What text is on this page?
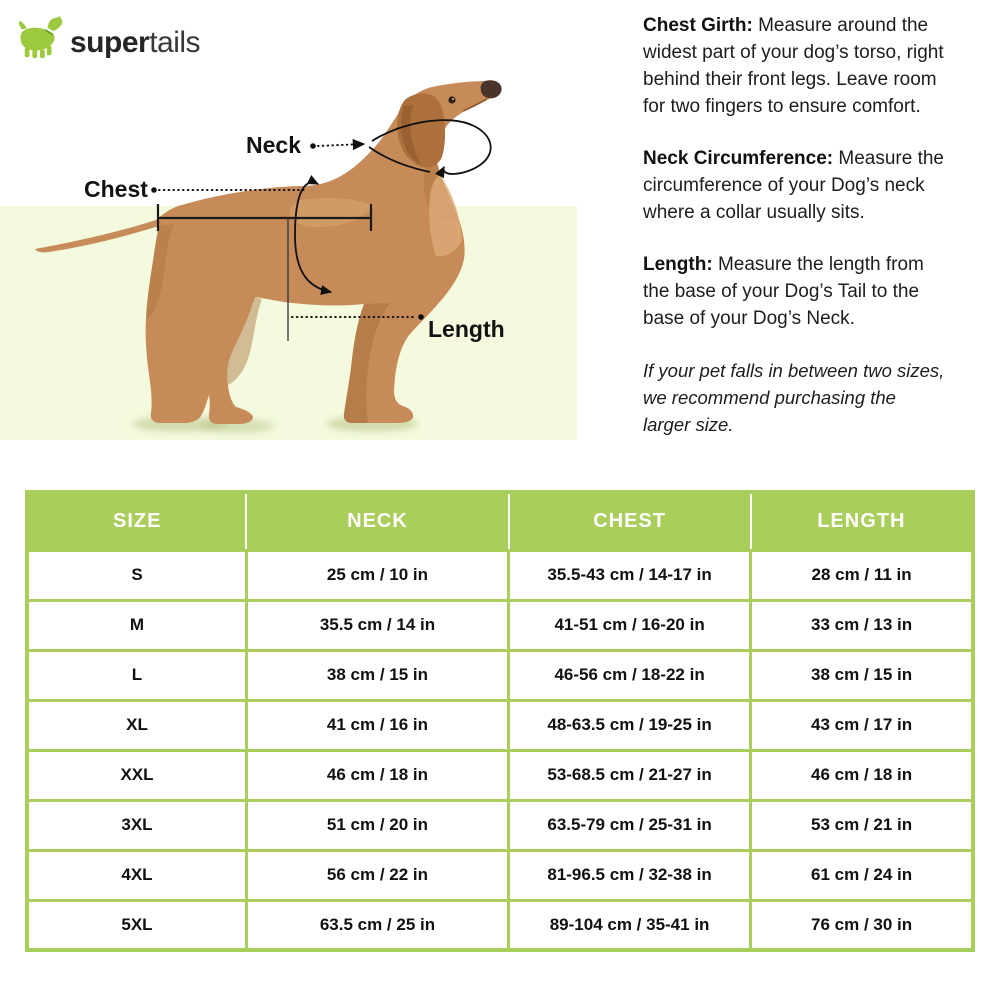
supertails
Neck
Chest
Length

Chest Girth: Measure around the widest part of your dog’s torso, right behind their front legs. Leave room for two fingers to ensure comfort.

Neck Circumference: Measure the circumference of your Dog’s neck where a collar usually sits.

Length: Measure the length from the base of your Dog’s Tail to the base of your Dog’s Neck.

If your pet falls in between two sizes, we recommend purchasing the larger size.

SIZE	NECK	CHEST	LENGTH
S	25 cm / 10 in	35.5-43 cm / 14-17 in	28 cm / 11 in
M	35.5 cm / 14 in	41-51 cm / 16-20 in	33 cm / 13 in
L	38 cm / 15 in	46-56 cm / 18-22 in	38 cm / 15 in
XL	41 cm / 16 in	48-63.5 cm / 19-25 in	43 cm / 17 in
XXL	46 cm / 18 in	53-68.5 cm / 21-27 in	46 cm / 18 in
3XL	51 cm / 20 in	63.5-79 cm / 25-31 in	53 cm / 21 in
4XL	56 cm / 22 in	81-96.5 cm / 32-38 in	61 cm / 24 in
5XL	63.5 cm / 25 in	89-104 cm / 35-41 in	76 cm / 30 in
